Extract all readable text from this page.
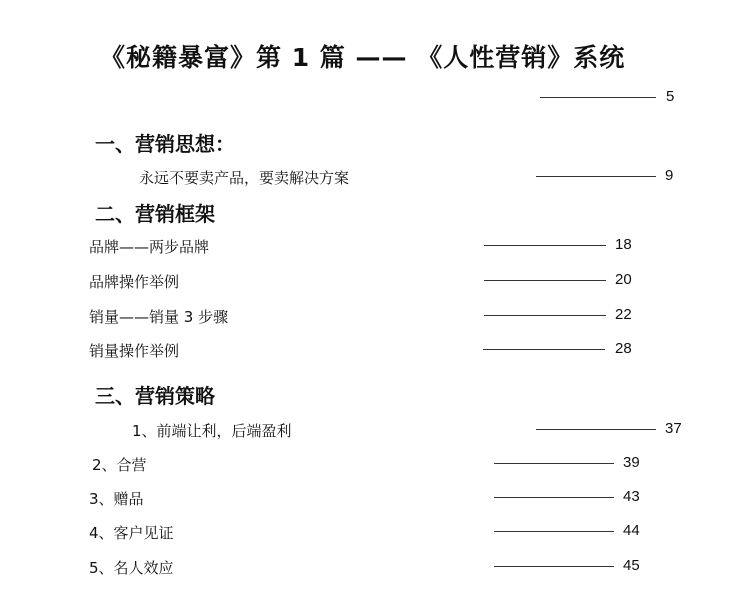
《秘籍暴富》第 1 篇 —— 《人性营销》系统
5
一、营销思想：
永远不要卖产品，要卖解决方案	9
二、营销框架
品牌——两步品牌	18
品牌操作举例	20
销量——销量 3 步骤	22
销量操作举例	28
三、营销策略
1、前端让利，后端盈利	37
2、合营	39
3、赠品	43
4、客户见证	44
5、名人效应	45
